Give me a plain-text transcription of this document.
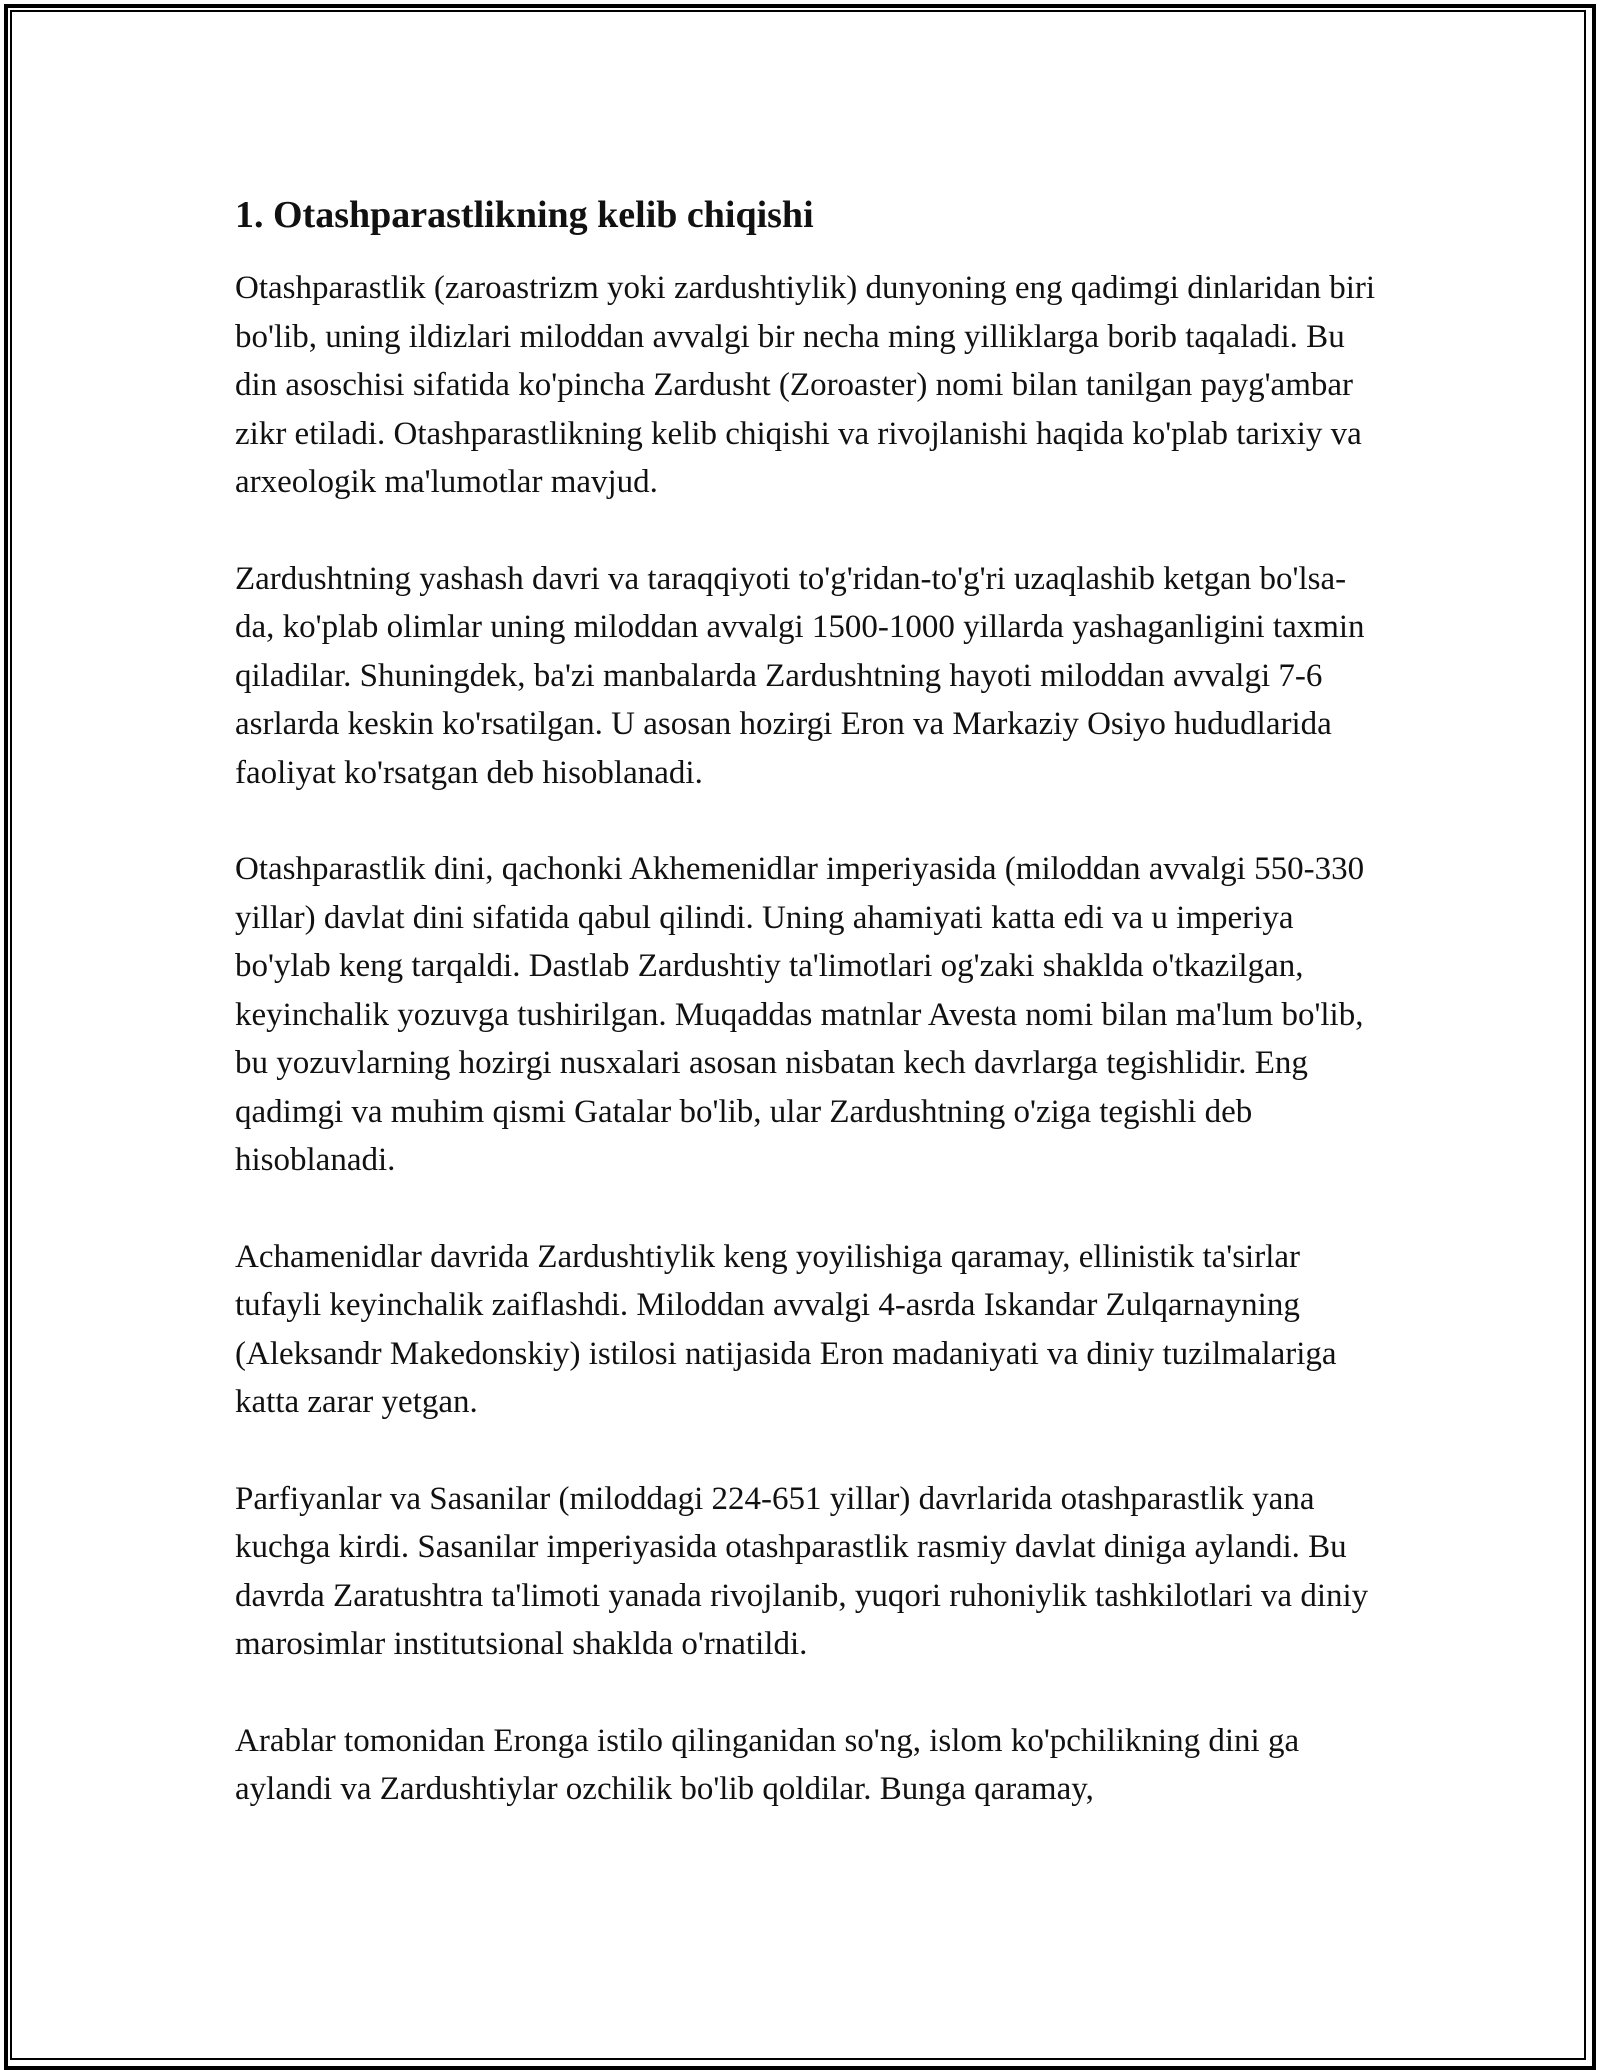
1. Otashparastlikning kelib chiqishi

Otashparastlik (zaroastrizm yoki zardushtiylik) dunyoning eng qadimgi dinlaridan biri bo'lib, uning ildizlari miloddan avvalgi bir necha ming yilliklarga borib taqaladi. Bu din asoschisi sifatida ko'pincha Zardusht (Zoroaster) nomi bilan tanilgan payg'ambar zikr etiladi. Otashparastlikning kelib chiqishi va rivojlanishi haqida ko'plab tarixiy va arxeologik ma'lumotlar mavjud.

Zardushtning yashash davri va taraqqiyoti to'g'ridan-to'g'ri uzaqlashib ketgan bo'lsa-da, ko'plab olimlar uning miloddan avvalgi 1500-1000 yillarda yashaganligini taxmin qiladilar. Shuningdek, ba'zi manbalarda Zardushtning hayoti miloddan avvalgi 7-6 asrlarda keskin ko'rsatilgan. U asosan hozirgi Eron va Markaziy Osiyo hududlarida faoliyat ko'rsatgan deb hisoblanadi.

Otashparastlik dini, qachonki Akhemenidlar imperiyasida (miloddan avvalgi 550-330 yillar) davlat dini sifatida qabul qilindi. Uning ahamiyati katta edi va u imperiya bo'ylab keng tarqaldi. Dastlab Zardushtiy ta'limotlari og'zaki shaklda o'tkazilgan, keyinchalik yozuvga tushirilgan. Muqaddas matnlar Avesta nomi bilan ma'lum bo'lib, bu yozuvlarning hozirgi nusxalari asosan nisbatan kech davrlarga tegishlidir. Eng qadimgi va muhim qismi Gatalar bo'lib, ular Zardushtning o'ziga tegishli deb hisoblanadi.

Achamenidlar davrida Zardushtiylik keng yoyilishiga qaramay, ellinistik ta'sirlar tufayli keyinchalik zaiflashdi. Miloddan avvalgi 4-asrda Iskandar Zulqarnayning (Aleksandr Makedonskiy) istilosi natijasida Eron madaniyati va diniy tuzilmalariga katta zarar yetgan.

Parfiyanlar va Sasanilar (miloddagi 224-651 yillar) davrlarida otashparastlik yana kuchga kirdi. Sasanilar imperiyasida otashparastlik rasmiy davlat diniga aylandi. Bu davrda Zaratushtra ta'limoti yanada rivojlanib, yuqori ruhoniylik tashkilotlari va diniy marosimlar institutsional shaklda o'rnatildi.

Arablar tomonidan Eronga istilo qilinganidan so'ng, islom ko'pchilikning dini ga aylandi va Zardushtiylar ozchilik bo'lib qoldilar. Bunga qaramay,
